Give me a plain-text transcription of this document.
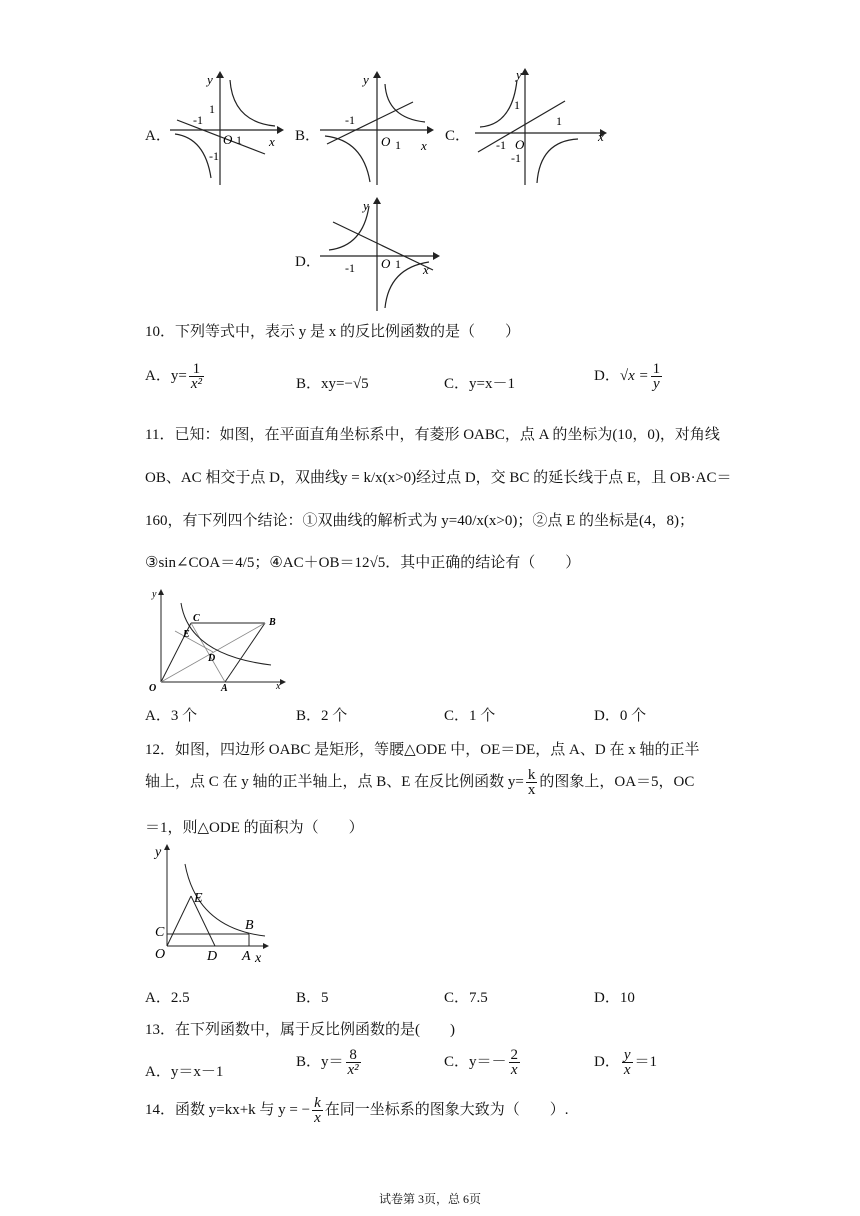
A．
-1
1
-1
O 1 x
y
B．
-1
O 1 x
y
C．
-1
1
1
O
-1
x
y
D． -1 O 1 x
y
10．下列等式中，表示 y 是 x 的反比例函数的是（　　）
A．$y= \frac{1}{\text{x²}}$	B．xy=−√5	C．y=x－1
D．$√x = \frac{1}{y}$
11．已知：如图，在平面直角坐标系中，有菱形 OABC，点 A 的坐标为(10，0)，对角线
OB、AC 相交于点 D，双曲线y = k/x(x>0)经过点 D，交 BC 的延长线于点 E，且 OB·AC＝
160，有下列四个结论：①双曲线的解析式为 y=40/x(x>0)；②点 E 的坐标是(4，8)；
③sin∠COA＝4/5；④AC＋OB＝12√5．其中正确的结论有（　　）
O
y
x
A
B
C
D
E
A．3 个	B．2 个	C．1 个	D．0 个
12．如图，四边形 OABC 是矩形，等腰△ODE 中，OE＝DE，点 A、D 在 x 轴的正半
轴上，点 C 在 y 轴的正半轴上，点 B、E 在反比例函数 $y= \frac{k}{x}$ 的图象上，OA＝5，OC
＝1，则△ODE 的面积为（　　）
y
x
O
C
E
D A
B
A．2.5	B．5	C．7.5	D．10
13．在下列函数中，属于反比例函数的是(　　)
A．y＝x－1
B．$y= \frac{8}{\text{x²}}$	C．$y=- \frac{2}{x}$	D． $\frac{y}{x} =1$
14．函数 y=kx+k 与 y = − $\frac{k}{x}$ 在同一坐标系的图象大致为（　　）.
试卷第 3页，总 6页
